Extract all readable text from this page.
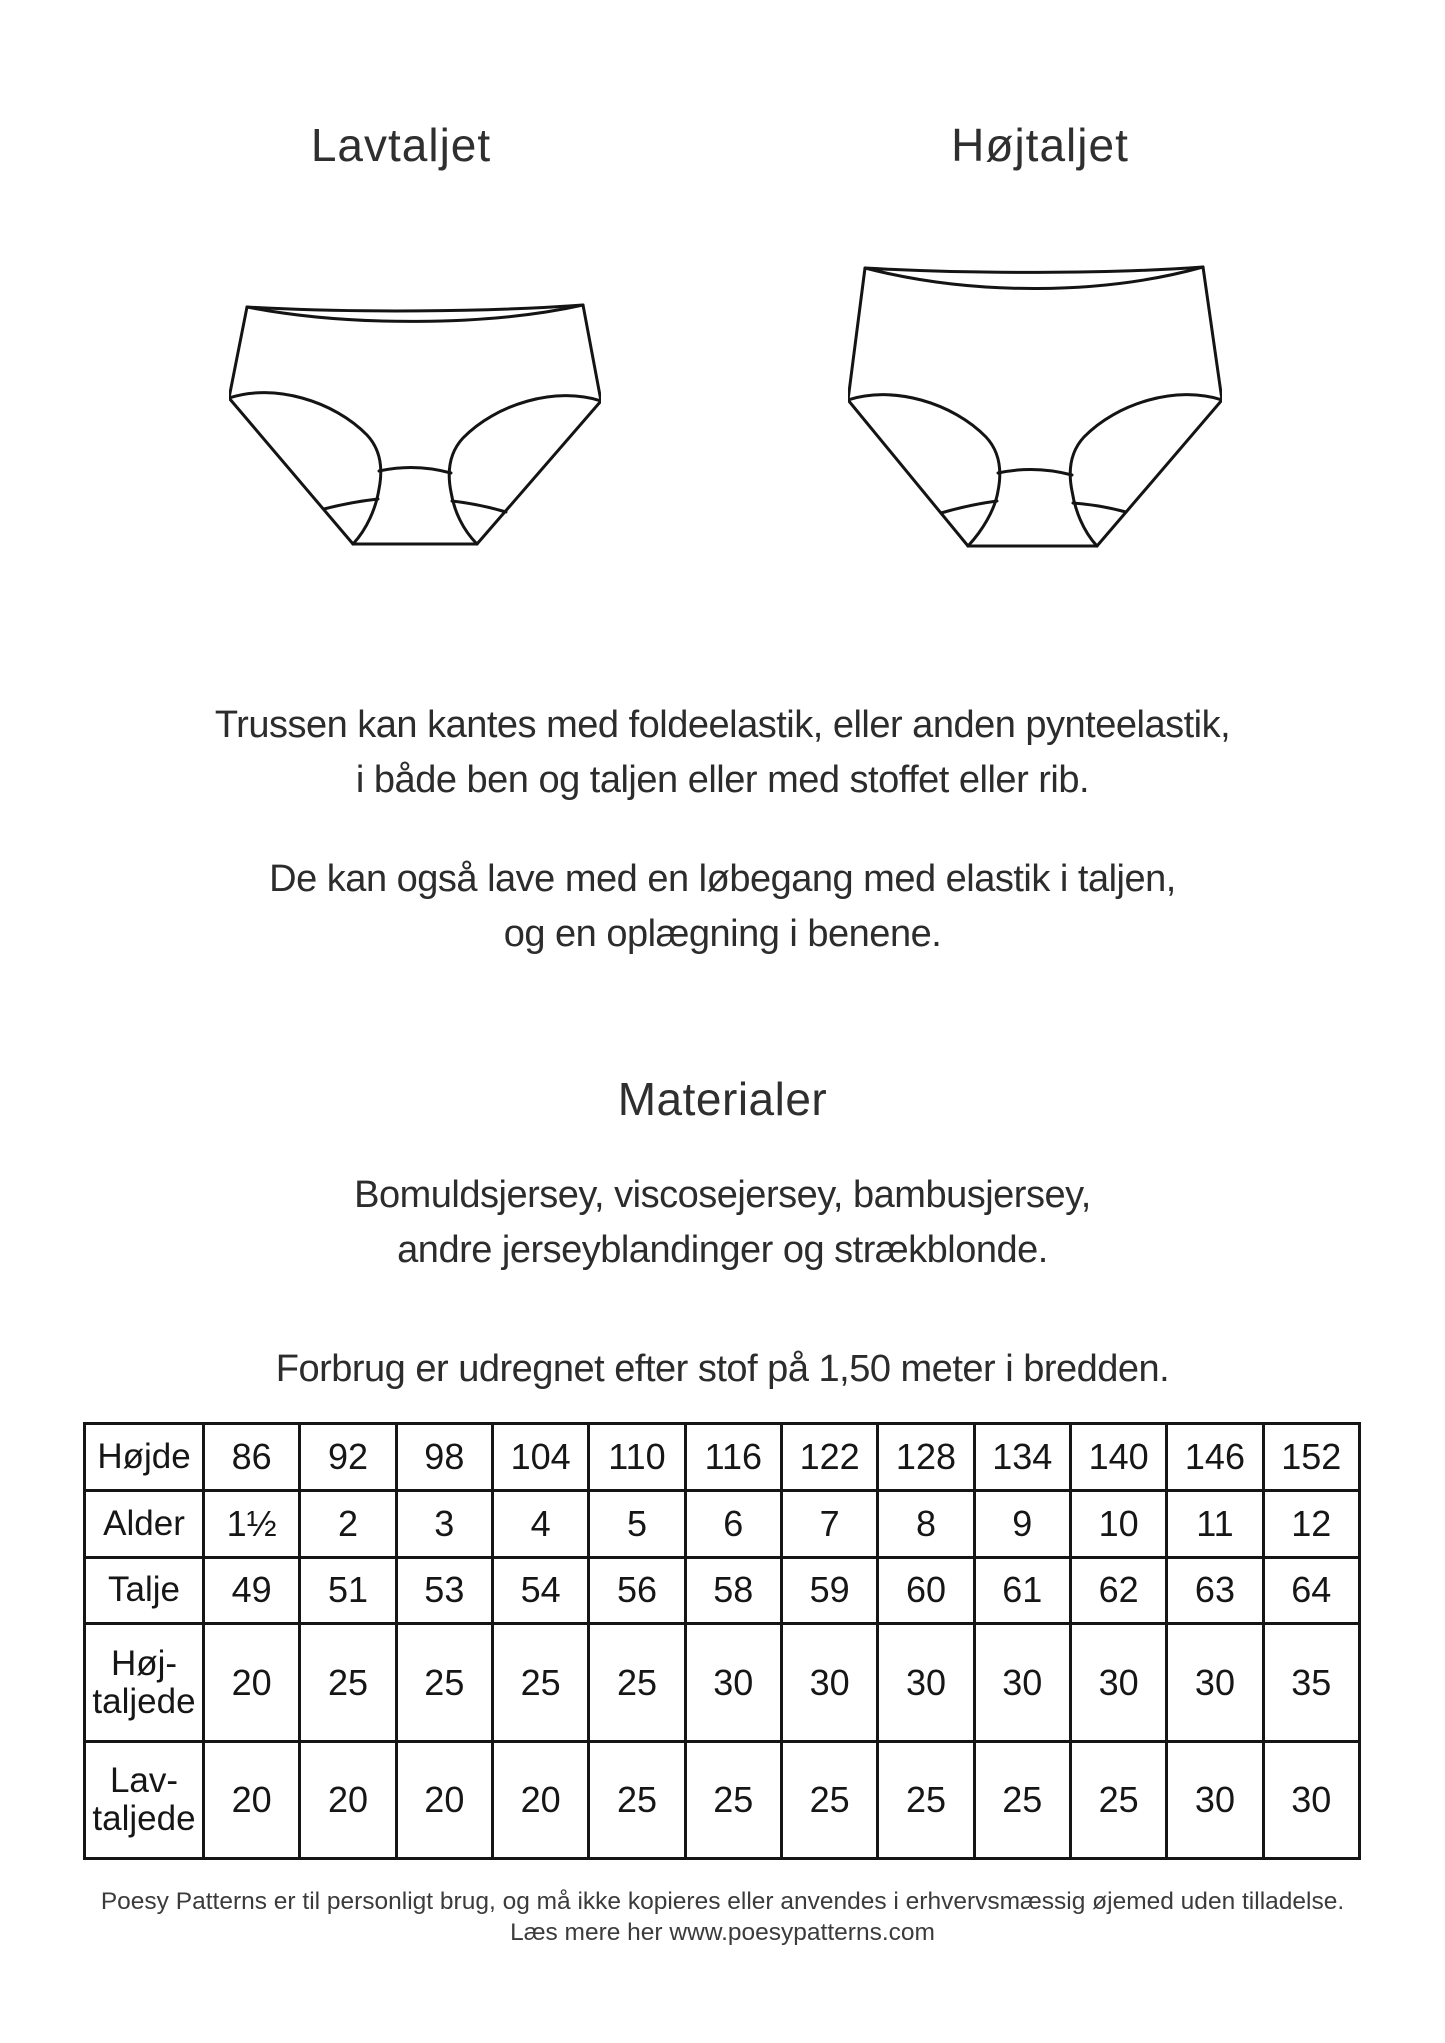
Lavtaljet	Højtaljet
Trussen kan kantes med foldeelastik, eller anden pynteelastik,
i både ben og taljen eller med stoffet eller rib.
De kan også lave med en løbegang med elastik i taljen,
og en oplægning i benene.
Materialer
Bomuldsjersey, viscosejersey, bambusjersey,
andre jerseyblandinger og strækblonde.
Forbrug er udregnet efter stof på 1,50 meter i bredden.
Højde	86	92	98	104	110	116	122	128	134	140	146	152

Alder	1½	2	3	4	5	6	7	8	9	10	11	12

Talje	49	51	53	54	56	58	59	60	61	62	63	64

Høj-
taljede	20	25	25	25	25	30	30	30	30	30	30	35

Lav-
taljede	20	20	20	20	25	25	25	25	25	25	30	30
Poesy Patterns er til personligt brug, og må ikke kopieres eller anvendes i erhvervsmæssig øjemed uden tilladelse.
Læs mere her www.poesypatterns.com
